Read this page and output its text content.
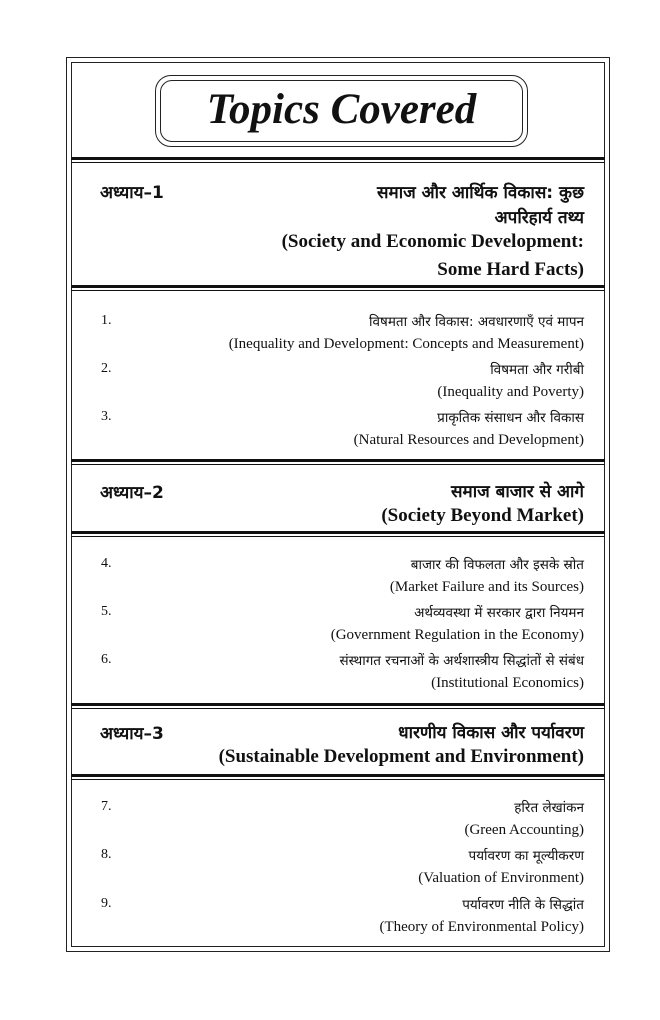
Topics Covered
अध्याय–1	समाज और आर्थिक विकास: कुछ
अपरिहार्य तथ्य
(Society and Economic Development:
Some Hard Facts)
1.	विषमता और विकास: अवधारणाएँ एवं मापन
(Inequality and Development: Concepts and Measurement)
2.	विषमता और गरीबी
(Inequality and Poverty)
3.	प्राकृतिक संसाधन और विकास
(Natural Resources and Development)
अध्याय–2	समाज बाजार से आगे
(Society Beyond Market)
4.	बाजार की विफलता और इसके स्रोत
(Market Failure and its Sources)
5.	अर्थव्यवस्था में सरकार द्वारा नियमन
(Government Regulation in the Economy)
6.	संस्थागत रचनाओं के अर्थशास्त्रीय सिद्धांतों से संबंध
(Institutional Economics)
अध्याय–3	धारणीय विकास और पर्यावरण
(Sustainable Development and Environment)
7.	हरित लेखांकन
(Green Accounting)
8.	पर्यावरण का मूल्यीकरण
(Valuation of Environment)
9.	पर्यावरण नीति के सिद्धांत
(Theory of Environmental Policy)
